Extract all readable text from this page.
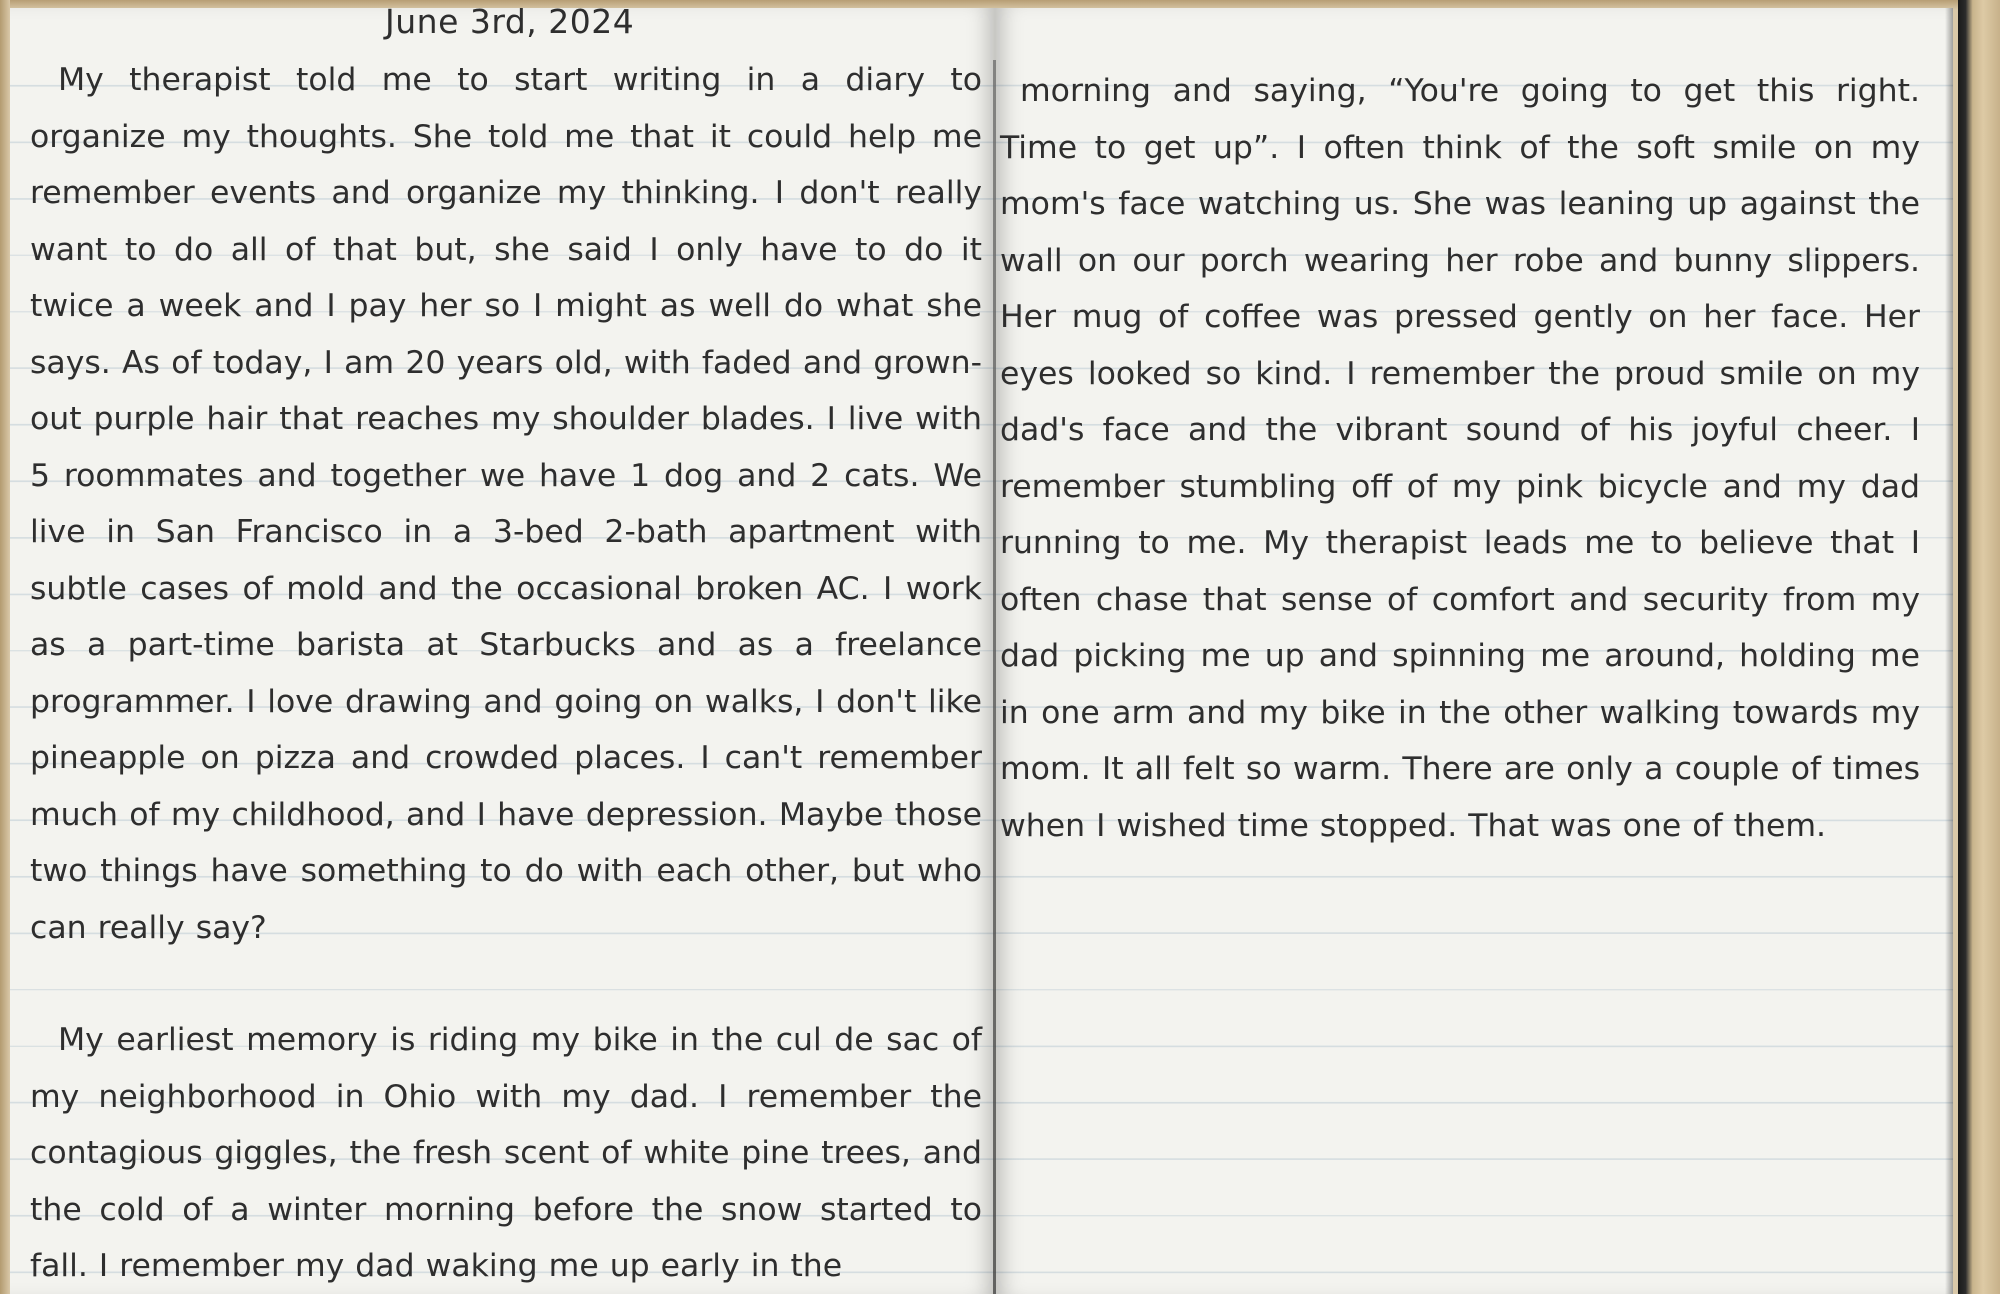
June 3rd, 2024

My therapist told me to start writing in a diary to organize my thoughts. She told me that it could help me remember events and organize my thinking. I don't really want to do all of that but, she said I only have to do it twice a week and I pay her so I might as well do what she says. As of today, I am 20 years old, with faded and grown-out purple hair that reaches my shoulder blades. I live with 5 roommates and together we have 1 dog and 2 cats. We live in San Francisco in a 3-bed 2-bath apartment with subtle cases of mold and the occasional broken AC. I work as a part-time barista at Starbucks and as a freelance programmer. I love drawing and going on walks, I don't like pineapple on pizza and crowded places. I can't remember much of my childhood, and I have depression. Maybe those two things have something to do with each other, but who can really say?

My earliest memory is riding my bike in the cul de sac of my neighborhood in Ohio with my dad. I remember the contagious giggles, the fresh scent of white pine trees, and the cold of a winter morning before the snow started to fall. I remember my dad waking me up early in the

morning and saying, “You're going to get this right. Time to get up”. I often think of the soft smile on my mom's face watching us. She was leaning up against the wall on our porch wearing her robe and bunny slippers. Her mug of coffee was pressed gently on her face. Her eyes looked so kind. I remember the proud smile on my dad's face and the vibrant sound of his joyful cheer. I remember stumbling off of my pink bicycle and my dad running to me. My therapist leads me to believe that I often chase that sense of comfort and security from my dad picking me up and spinning me around, holding me in one arm and my bike in the other walking towards my mom. It all felt so warm. There are only a couple of times when I wished time stopped. That was one of them.
